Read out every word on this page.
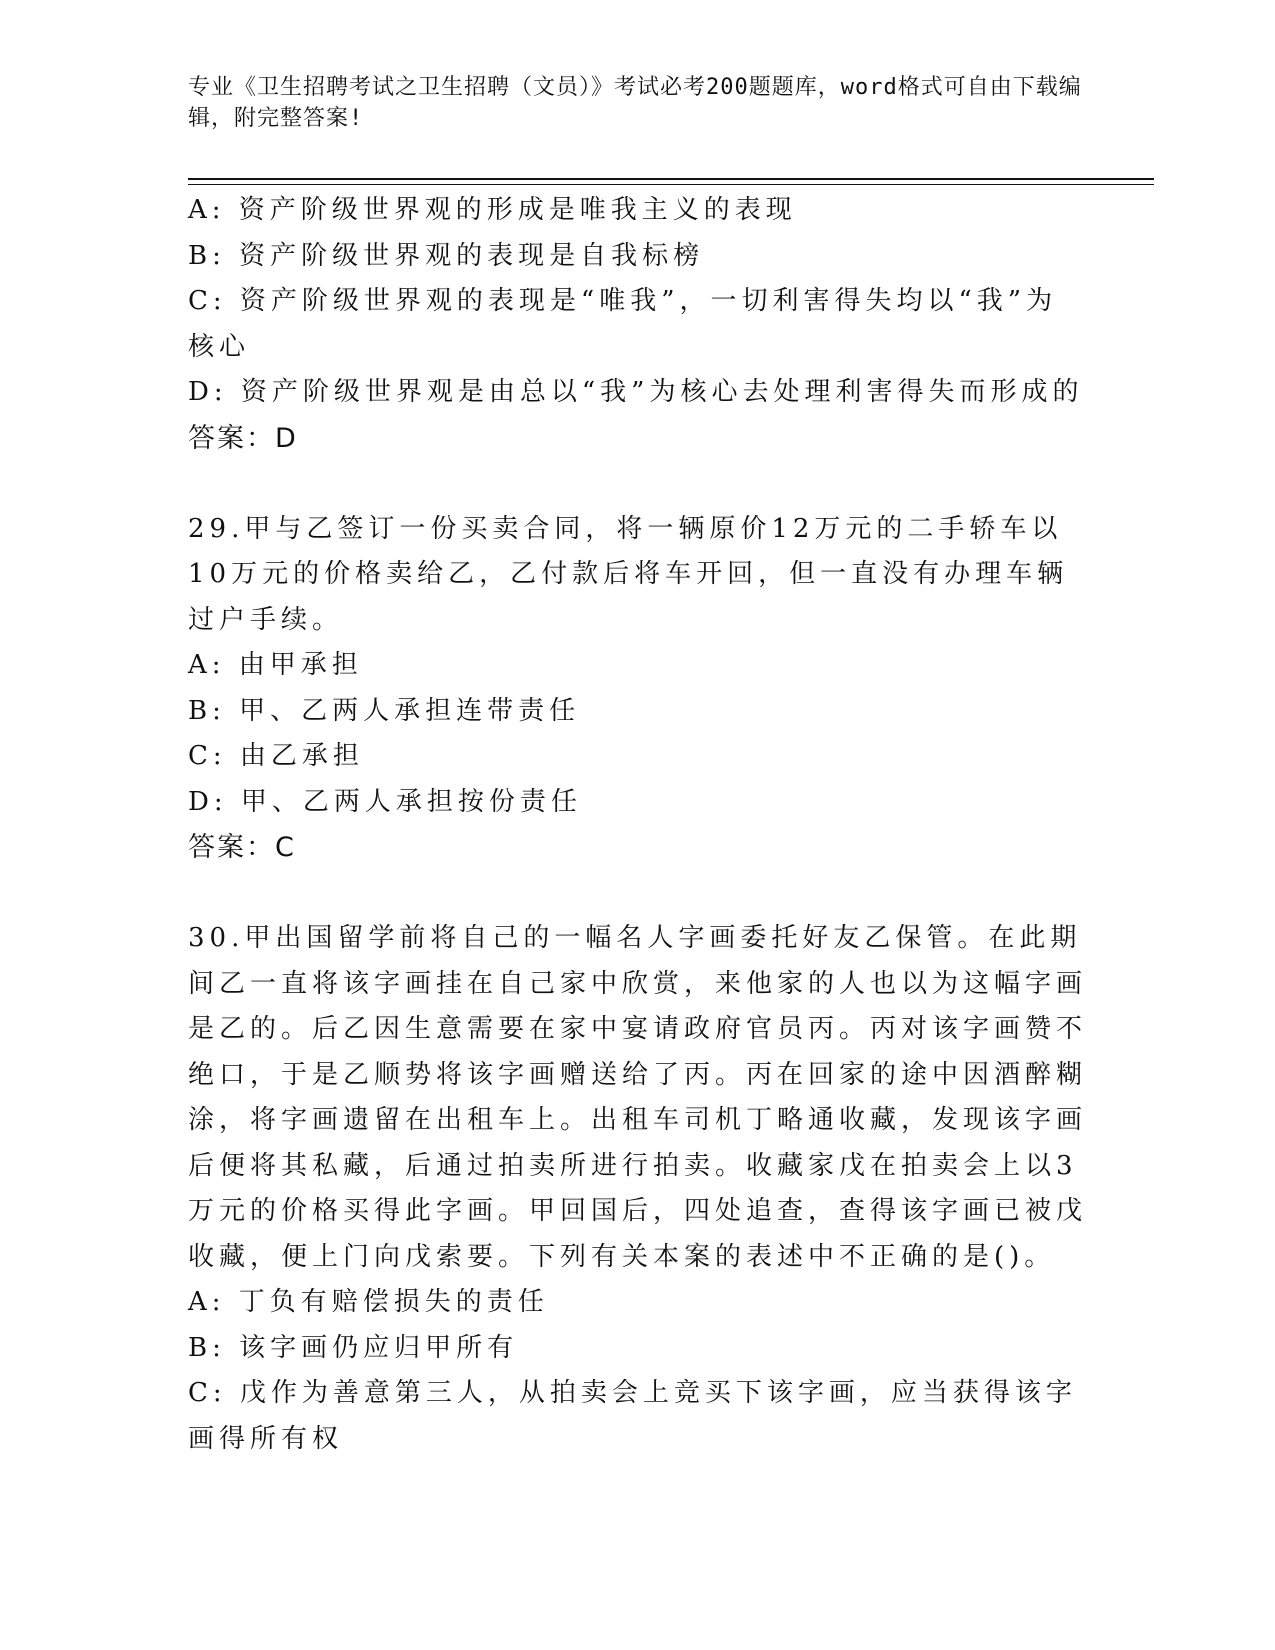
专业《卫生招聘考试之卫生招聘（文员）》考试必考200题题库，word格式可自由下载编辑，附完整答案!
A: 资产阶级世界观的形成是唯我主义的表现
B: 资产阶级世界观的表现是自我标榜
C: 资产阶级世界观的表现是“唯我”，一切利害得失均以“我”为核心
D: 资产阶级世界观是由总以“我”为核心去处理利害得失而形成的
答案：D
29.甲与乙签订一份买卖合同，将一辆原价12万元的二手轿车以10万元的价格卖给乙，乙付款后将车开回，但一直没有办理车辆过户手续。
A: 由甲承担
B: 甲、乙两人承担连带责任
C: 由乙承担
D: 甲、乙两人承担按份责任
答案：C
30.甲出国留学前将自己的一幅名人字画委托好友乙保管。在此期间乙一直将该字画挂在自己家中欣赏，来他家的人也以为这幅字画是乙的。后乙因生意需要在家中宴请政府官员丙。丙对该字画赞不绝口，于是乙顺势将该字画赠送给了丙。丙在回家的途中因酒醉糊涂，将字画遗留在出租车上。出租车司机丁略通收藏，发现该字画后便将其私藏，后通过拍卖所进行拍卖。收藏家戊在拍卖会上以3万元的价格买得此字画。甲回国后，四处追查，查得该字画已被戊收藏，便上门向戊索要。下列有关本案的表述中不正确的是()。
A: 丁负有赔偿损失的责任
B: 该字画仍应归甲所有
C: 戊作为善意第三人，从拍卖会上竞买下该字画，应当获得该字画得所有权
